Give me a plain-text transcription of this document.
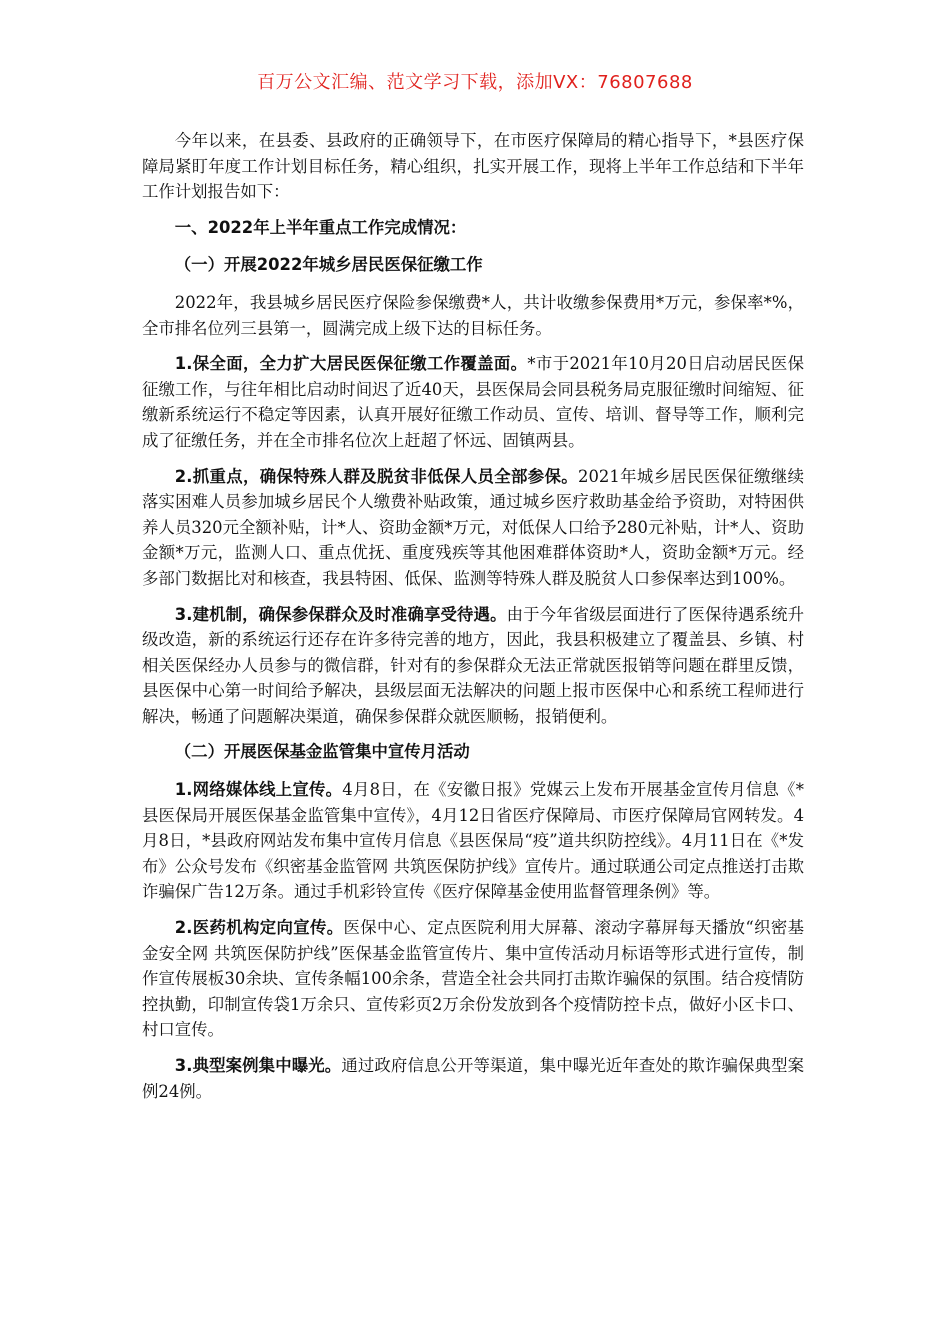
百万公文汇编、范文学习下载，添加VX：76807688

今年以来，在县委、县政府的正确领导下，在市医疗保障局的精心指导下，*县医疗保障局紧盯年度工作计划目标任务，精心组织，扎实开展工作，现将上半年工作总结和下半年工作计划报告如下：

一、2022年上半年重点工作完成情况：

（一）开展2022年城乡居民医保征缴工作

2022年，我县城乡居民医疗保险参保缴费*人，共计收缴参保费用*万元，参保率*%，全市排名位列三县第一，圆满完成上级下达的目标任务。

1.保全面，全力扩大居民医保征缴工作覆盖面。*市于2021年10月20日启动居民医保征缴工作，与往年相比启动时间迟了近40天，县医保局会同县税务局克服征缴时间缩短、征缴新系统运行不稳定等因素，认真开展好征缴工作动员、宣传、培训、督导等工作，顺利完成了征缴任务，并在全市排名位次上赶超了怀远、固镇两县。

2.抓重点，确保特殊人群及脱贫非低保人员全部参保。2021年城乡居民医保征缴继续落实困难人员参加城乡居民个人缴费补贴政策，通过城乡医疗救助基金给予资助，对特困供养人员320元全额补贴，计*人、资助金额*万元，对低保人口给予280元补贴，计*人、资助金额*万元，监测人口、重点优抚、重度残疾等其他困难群体资助*人，资助金额*万元。经多部门数据比对和核查，我县特困、低保、监测等特殊人群及脱贫人口参保率达到100%。

3.建机制，确保参保群众及时准确享受待遇。由于今年省级层面进行了医保待遇系统升级改造，新的系统运行还存在许多待完善的地方，因此，我县积极建立了覆盖县、乡镇、村相关医保经办人员参与的微信群，针对有的参保群众无法正常就医报销等问题在群里反馈，县医保中心第一时间给予解决，县级层面无法解决的问题上报市医保中心和系统工程师进行解决，畅通了问题解决渠道，确保参保群众就医顺畅，报销便利。

（二）开展医保基金监管集中宣传月活动

1.网络媒体线上宣传。4月8日，在《安徽日报》党媒云上发布开展基金宣传月信息《*县医保局开展医保基金监管集中宣传》，4月12日省医疗保障局、市医疗保障局官网转发。4月8日，*县政府网站发布集中宣传月信息《县医保局“疫”道共织防控线》。4月11日在《*发布》公众号发布《织密基金监管网 共筑医保防护线》宣传片。通过联通公司定点推送打击欺诈骗保广告12万条。通过手机彩铃宣传《医疗保障基金使用监督管理条例》等。

2.医药机构定向宣传。医保中心、定点医院利用大屏幕、滚动字幕屏每天播放“织密基金安全网 共筑医保防护线”医保基金监管宣传片、集中宣传活动月标语等形式进行宣传，制作宣传展板30余块、宣传条幅100余条，营造全社会共同打击欺诈骗保的氛围。结合疫情防控执勤，印制宣传袋1万余只、宣传彩页2万余份发放到各个疫情防控卡点，做好小区卡口、村口宣传。

3.典型案例集中曝光。通过政府信息公开等渠道，集中曝光近年查处的欺诈骗保典型案例24例。
